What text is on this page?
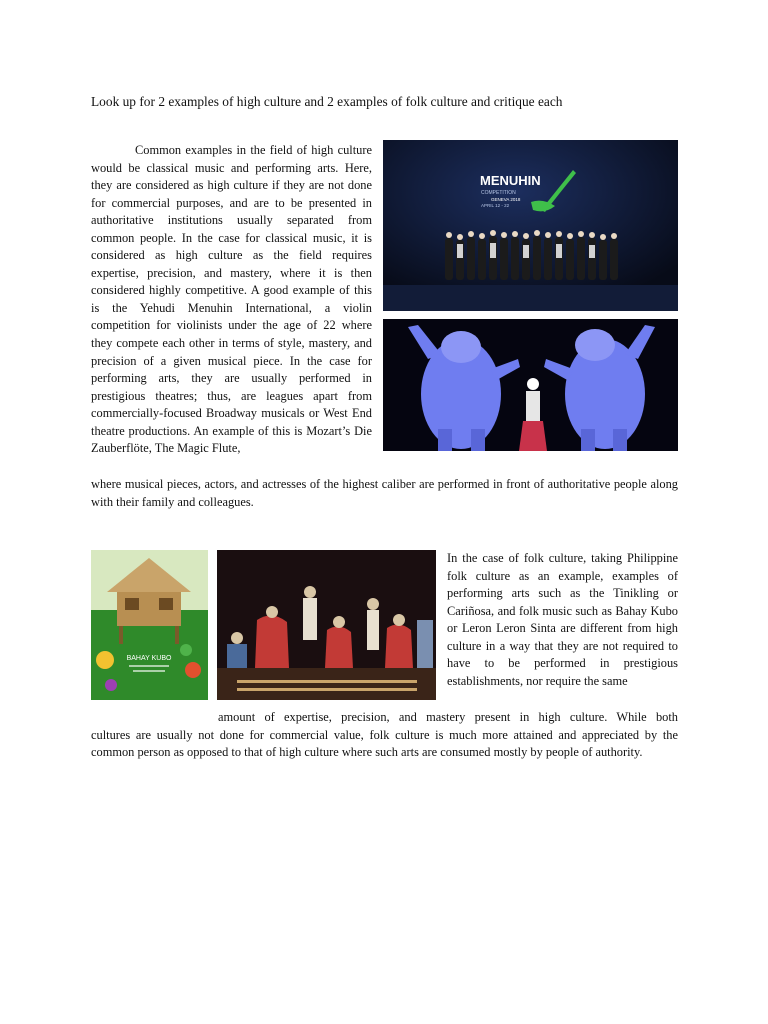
Look up for 2 examples of high culture and 2 examples of folk culture and critique each
MENUHIN
COMPETITION
GENEVA 2018
APRIL 12 - 22

Common examples in the field of high culture would be classical music and performing arts. Here, they are considered as high culture if they are not done for commercial purposes, and are to be presented in authoritative institutions usually separated from common people. In the case for classical music, it is considered as high culture as the field requires expertise, precision, and mastery, where it is then considered highly competitive. A good example of this is the Yehudi Menuhin International, a violin competition for violinists under the age of 22 where they compete each other in terms of style, mastery, and precision of a given musical piece. In the case for performing arts, they are usually performed in prestigious theatres; thus, are leagues apart from commercially-focused Broadway musicals or West End theatre productions. An example of this is Mozart’s Die Zauberflöte, The Magic Flute,

where musical pieces, actors, and actresses of the highest caliber are performed in front of authoritative people along with their family and colleagues.

BAHAY KUBO

In the case of folk culture, taking Philippine folk culture as an example, examples of performing arts such as the Tinikling or Cariñosa, and folk music such as Bahay Kubo or Leron Leron Sinta are different from high culture in a way that they are not required to have to be performed in prestigious establishments, nor require the same

amount of expertise, precision, and mastery present in high culture. While both
cultures are usually not done for commercial value, folk culture is much more attained and appreciated by the common person as opposed to that of high culture where such arts are consumed mostly by people of authority.
